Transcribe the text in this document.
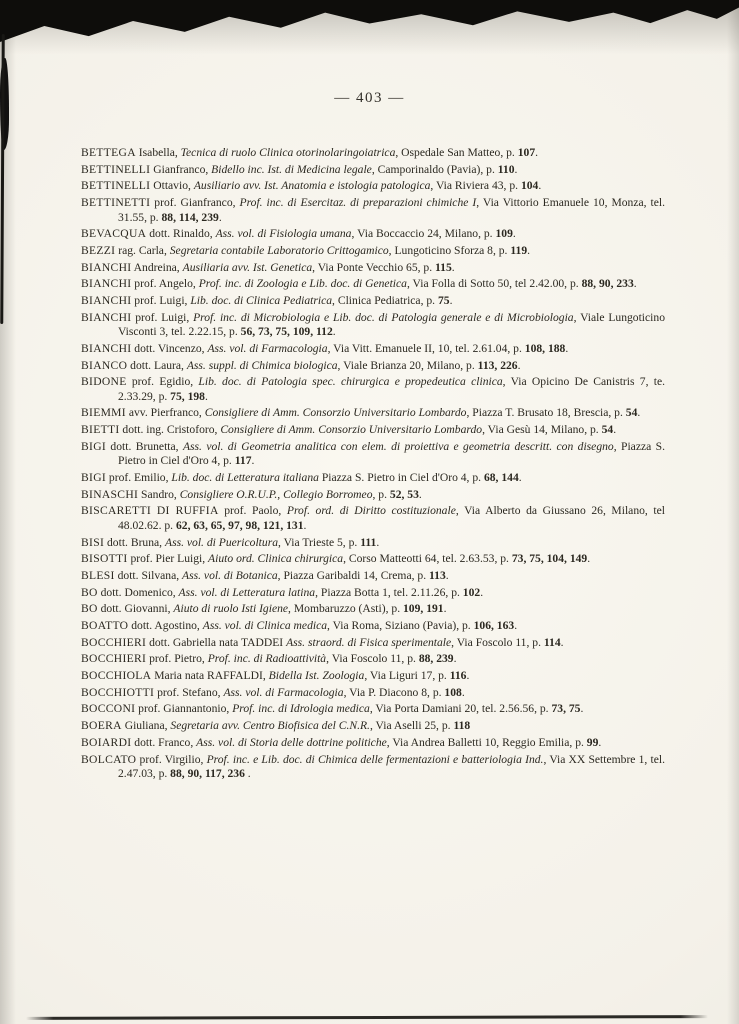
— 403 —

BETTEGA Isabella, Tecnica di ruolo Clinica otorinolaringoiatrica, Ospedale San Matteo, p. 107.

BETTINELLI Gianfranco, Bidello inc. Ist. di Medicina legale, Camporinaldo (Pavia), p. 110.

BETTINELLI Ottavio, Ausiliario avv. Ist. Anatomia e istologia patologica, Via Riviera 43, p. 104.

BETTINETTI prof. Gianfranco, Prof. inc. di Esercitaz. di preparazioni chimiche I, Via Vittorio Emanuele 10, Monza, tel. 31.55, p. 88, 114, 239.

BEVACQUA dott. Rinaldo, Ass. vol. di Fisiologia umana, Via Boccaccio 24, Milano, p. 109.

BEZZI rag. Carla, Segretaria contabile Laboratorio Crittogamico, Lungoticino Sforza 8, p. 119.

BIANCHI Andreina, Ausiliaria avv. Ist. Genetica, Via Ponte Vecchio 65, p. 115.

BIANCHI prof. Angelo, Prof. inc. di Zoologia e Lib. doc. di Genetica, Via Folla di Sotto 50, tel 2.42.00, p. 88, 90, 233.

BIANCHI prof. Luigi, Lib. doc. di Clinica Pediatrica, Clinica Pediatrica, p. 75.

BIANCHI prof. Luigi, Prof. inc. di Microbiologia e Lib. doc. di Patologia generale e di Microbiologia, Viale Lungoticino Visconti 3, tel. 2.22.15, p. 56, 73, 75, 109, 112.

BIANCHI dott. Vincenzo, Ass. vol. di Farmacologia, Via Vitt. Emanuele II, 10, tel. 2.61.04, p. 108, 188.

BIANCO dott. Laura, Ass. suppl. di Chimica biologica, Viale Brianza 20, Milano, p. 113, 226.

BIDONE prof. Egidio, Lib. doc. di Patologia spec. chirurgica e propedeutica clinica, Via Opicino De Canistris 7, te. 2.33.29, p. 75, 198.

BIEMMI avv. Pierfranco, Consigliere di Amm. Consorzio Universitario Lombardo, Piazza T. Brusato 18, Brescia, p. 54.

BIETTI dott. ing. Cristoforo, Consigliere di Amm. Consorzio Universitario Lombardo, Via Gesù 14, Milano, p. 54.

BIGI dott. Brunetta, Ass. vol. di Geometria analitica con elem. di proiettiva e geometria descritt. con disegno, Piazza S. Pietro in Ciel d'Oro 4, p. 117.

BIGI prof. Emilio, Lib. doc. di Letteratura italiana Piazza S. Pietro in Ciel d'Oro 4, p. 68, 144.

BINASCHI Sandro, Consigliere O.R.U.P., Collegio Borromeo, p. 52, 53.

BISCARETTI DI RUFFIA prof. Paolo, Prof. ord. di Diritto costituzionale, Via Alberto da Giussano 26, Milano, tel 48.02.62. p. 62, 63, 65, 97, 98, 121, 131.

BISI dott. Bruna, Ass. vol. di Puericoltura, Via Trieste 5, p. 111.

BISOTTI prof. Pier Luigi, Aiuto ord. Clinica chirurgica, Corso Matteotti 64, tel. 2.63.53, p. 73, 75, 104, 149.

BLESI dott. Silvana, Ass. vol. di Botanica, Piazza Garibaldi 14, Crema, p. 113.

BO dott. Domenico, Ass. vol. di Letteratura latina, Piazza Botta 1, tel. 2.11.26, p. 102.

BO dott. Giovanni, Aiuto di ruolo Isti Igiene, Mombaruzzo (Asti), p. 109, 191.

BOATTO dott. Agostino, Ass. vol. di Clinica medica, Via Roma, Siziano (Pavia), p. 106, 163.

BOCCHIERI dott. Gabriella nata TADDEI Ass. straord. di Fisica sperimentale, Via Foscolo 11, p. 114.

BOCCHIERI prof. Pietro, Prof. inc. di Radioattività, Via Foscolo 11, p. 88, 239.

BOCCHIOLA Maria nata RAFFALDI, Bidella Ist. Zoologia, Via Liguri 17, p. 116.

BOCCHIOTTI prof. Stefano, Ass. vol. di Farmacologia, Via P. Diacono 8, p. 108.

BOCCONI prof. Giannantonio, Prof. inc. di Idrologia medica, Via Porta Damiani 20, tel. 2.56.56, p. 73, 75.

BOERA Giuliana, Segretaria avv. Centro Biofisica del C.N.R., Via Aselli 25, p. 118

BOIARDI dott. Franco, Ass. vol. di Storia delle dottrine politiche, Via Andrea Balletti 10, Reggio Emilia, p. 99.

BOLCATO prof. Virgilio, Prof. inc. e Lib. doc. di Chimica delle fermentazioni e batteriologia Ind., Via XX Settembre 1, tel. 2.47.03, p. 88, 90, 117, 236 .
